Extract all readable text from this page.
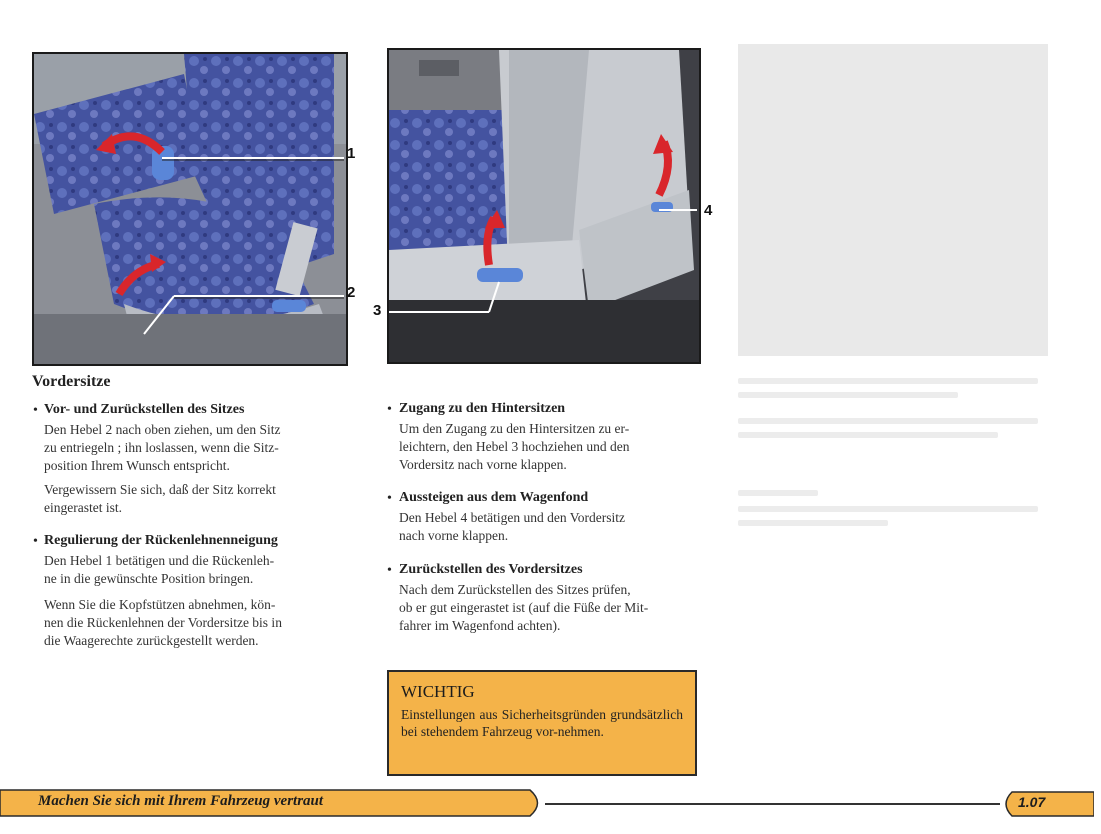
1
2
3
4
Vordersitze
• Vor- und Zurückstellen des Sitzes
Den Hebel 2 nach oben ziehen, um den Sitz
zu entriegeln ; ihn loslassen, wenn die Sitz-
position Ihrem Wunsch entspricht.
Vergewissern Sie sich, daß der Sitz korrekt
eingerastet ist.
• Regulierung der Rückenlehnenneigung
Den Hebel 1 betätigen und die Rückenleh-
ne in die gewünschte Position bringen.
Wenn Sie die Kopfstützen abnehmen, kön-
nen die Rückenlehnen der Vordersitze bis in
die Waagerechte zurückgestellt werden.
• Zugang zu den Hintersitzen
Um den Zugang zu den Hintersitzen zu er-
leichtern, den Hebel 3 hochziehen und den
Vordersitz nach vorne klappen.
• Aussteigen aus dem Wagenfond
Den Hebel 4 betätigen und den Vordersitz
nach vorne klappen.
• Zurückstellen des Vordersitzes
Nach dem Zurückstellen des Sitzes prüfen,
ob er gut eingerastet ist (auf die Füße der Mit-
fahrer im Wagenfond achten).
WICHTIG

Einstellungen aus Sicherheitsgründen grundsätzlich bei stehendem Fahrzeug vor-nehmen.

Machen Sie sich mit Ihrem Fahrzeug vertraut	1.07
